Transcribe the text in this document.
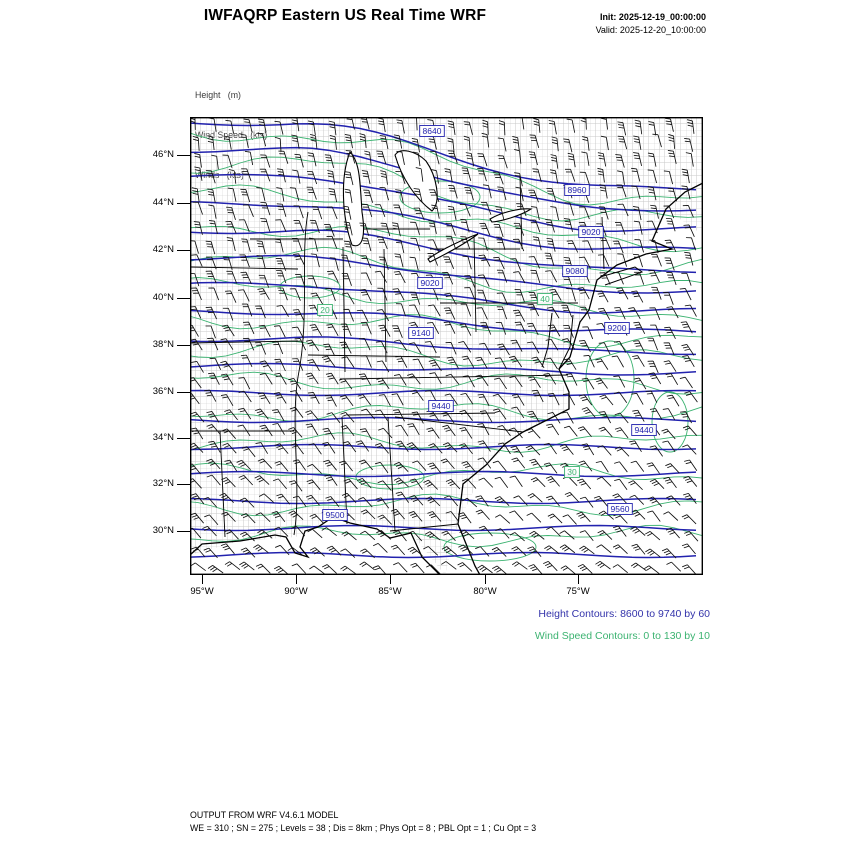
IWFAQRP Eastern US Real Time WRF	Init: 2025-12-19_00:00:00
Valid: 2025-12-20_10:00:00

Height   (m)

8640
8960
9020
9020
9080
9140	9200
9440
9440
9500
9560
20
40
30
46°N
44°N
42°N
40°N
38°N
36°N
34°N
32°N
30°N
95°W	90°W	85°W	80°W	75°W
Height Contours: 8600 to 9740 by 60
Wind Speed Contours: 0 to 130 by 10
OUTPUT FROM WRF V4.6.1 MODEL
WE = 310 ; SN = 275 ; Levels = 38 ; Dis = 8km ; Phys Opt = 8 ; PBL Opt = 1 ; Cu Opt = 3
